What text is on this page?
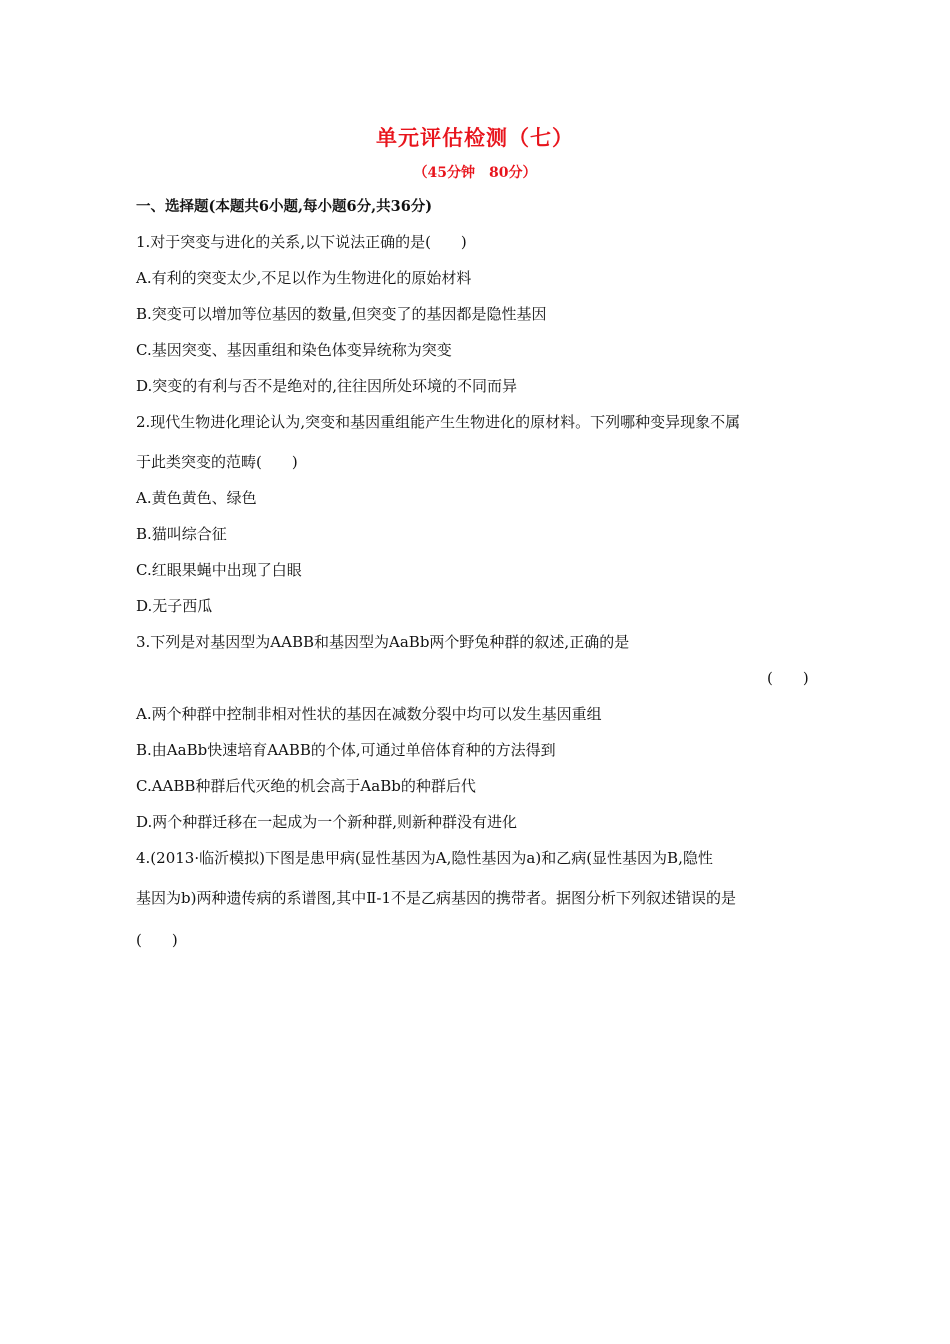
单元评估检测（七）
（45分钟　80分）
一、选择题(本题共6小题,每小题6分,共36分)
1.对于突变与进化的关系,以下说法正确的是(　　)
A.有利的突变太少,不足以作为生物进化的原始材料
B.突变可以增加等位基因的数量,但突变了的基因都是隐性基因
C.基因突变、基因重组和染色体变异统称为突变
D.突变的有利与否不是绝对的,往往因所处环境的不同而异
2.现代生物进化理论认为,突变和基因重组能产生生物进化的原材料。下列哪种变异现象不属
于此类突变的范畴(　　)
A.黄色黄色、绿色
B.猫叫综合征
C.红眼果蝇中出现了白眼
D.无子西瓜
3.下列是对基因型为AABB和基因型为AaBb两个野兔种群的叙述,正确的是
(　　)
A.两个种群中控制非相对性状的基因在减数分裂中均可以发生基因重组
B.由AaBb快速培育AABB的个体,可通过单倍体育种的方法得到
C.AABB种群后代灭绝的机会高于AaBb的种群后代
D.两个种群迁移在一起成为一个新种群,则新种群没有进化
4.(2013·临沂模拟)下图是患甲病(显性基因为A,隐性基因为a)和乙病(显性基因为B,隐性
基因为b)两种遗传病的系谱图,其中Ⅱ-1不是乙病基因的携带者。据图分析下列叙述错误的是
(　　)
